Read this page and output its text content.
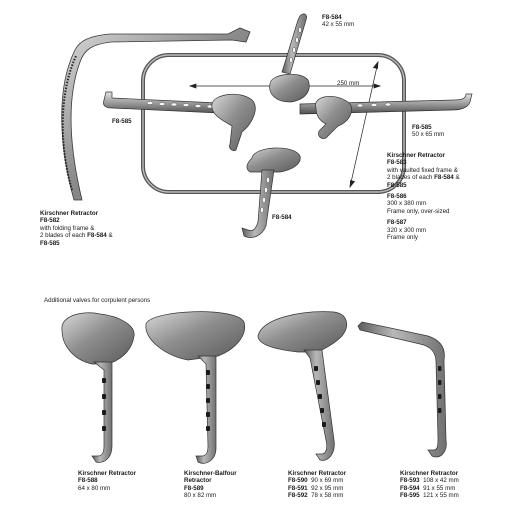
F8-584
42 x 55 mm
250 mm
F8-585
F8-585
50 x 65 mm
F8-584
Kirschner Retractor
F8-582
with folding frame &
2 blades of each F8-584 &
F8-585
Kirschner Retractor
F8-583
with vaulted fixed frame &
2 blades of each F8-584 &
F8-585
F8-586
300 x 380 mm
Frame only, over-sized
F8-587
320 x 300 mm
Frame only
Additional valves for corpulent persons
Kirschner Retractor
F8-588
64 x 80 mm
Kirschner-Balfour
Retractor
F8-589
80 x 82 mm
Kirschner Retractor
F8-590 90 x 69 mm
F8-591 92 x 95 mm
F8-592 78 x 58 mm
Kirschner Retractor
F8-593 108 x 42 mm
F8-594 91 x 55 mm
F8-595 121 x 55 mm
